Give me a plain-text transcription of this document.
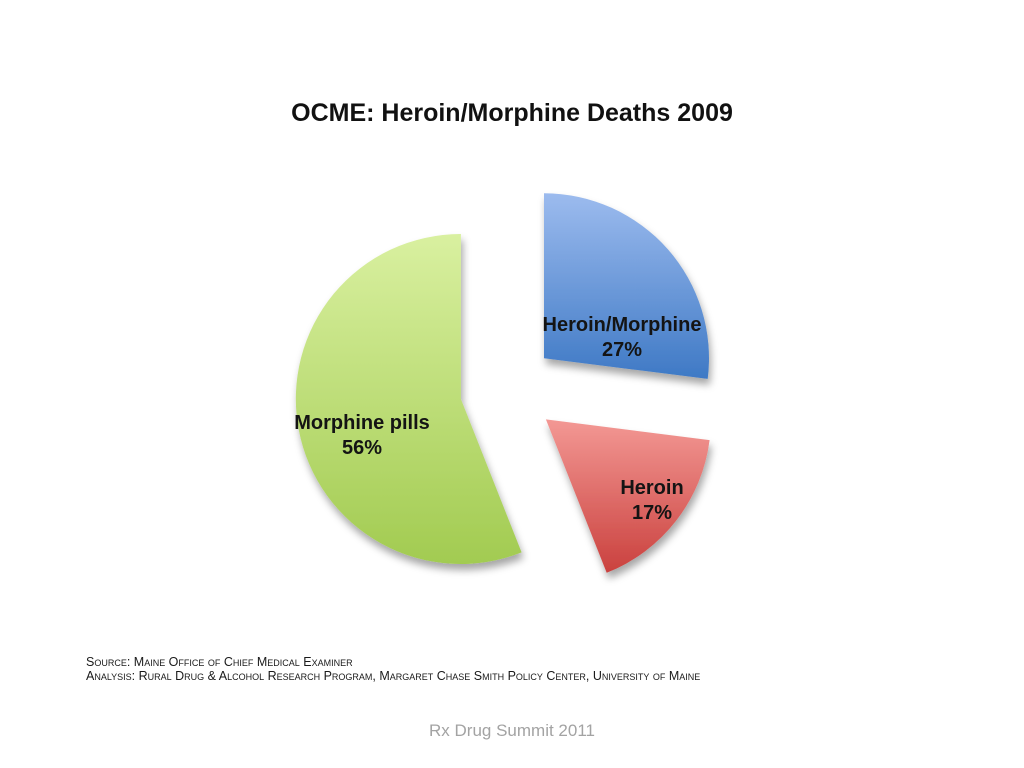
OCME: Heroin/Morphine Deaths 2009
Heroin/Morphine
27%
Heroin
17%
Morphine pills
56%
Source: Maine Office of Chief Medical Examiner
Analysis: Rural Drug & Alcohol Research Program, Margaret Chase Smith Policy Center, University of Maine
Rx Drug Summit 2011
